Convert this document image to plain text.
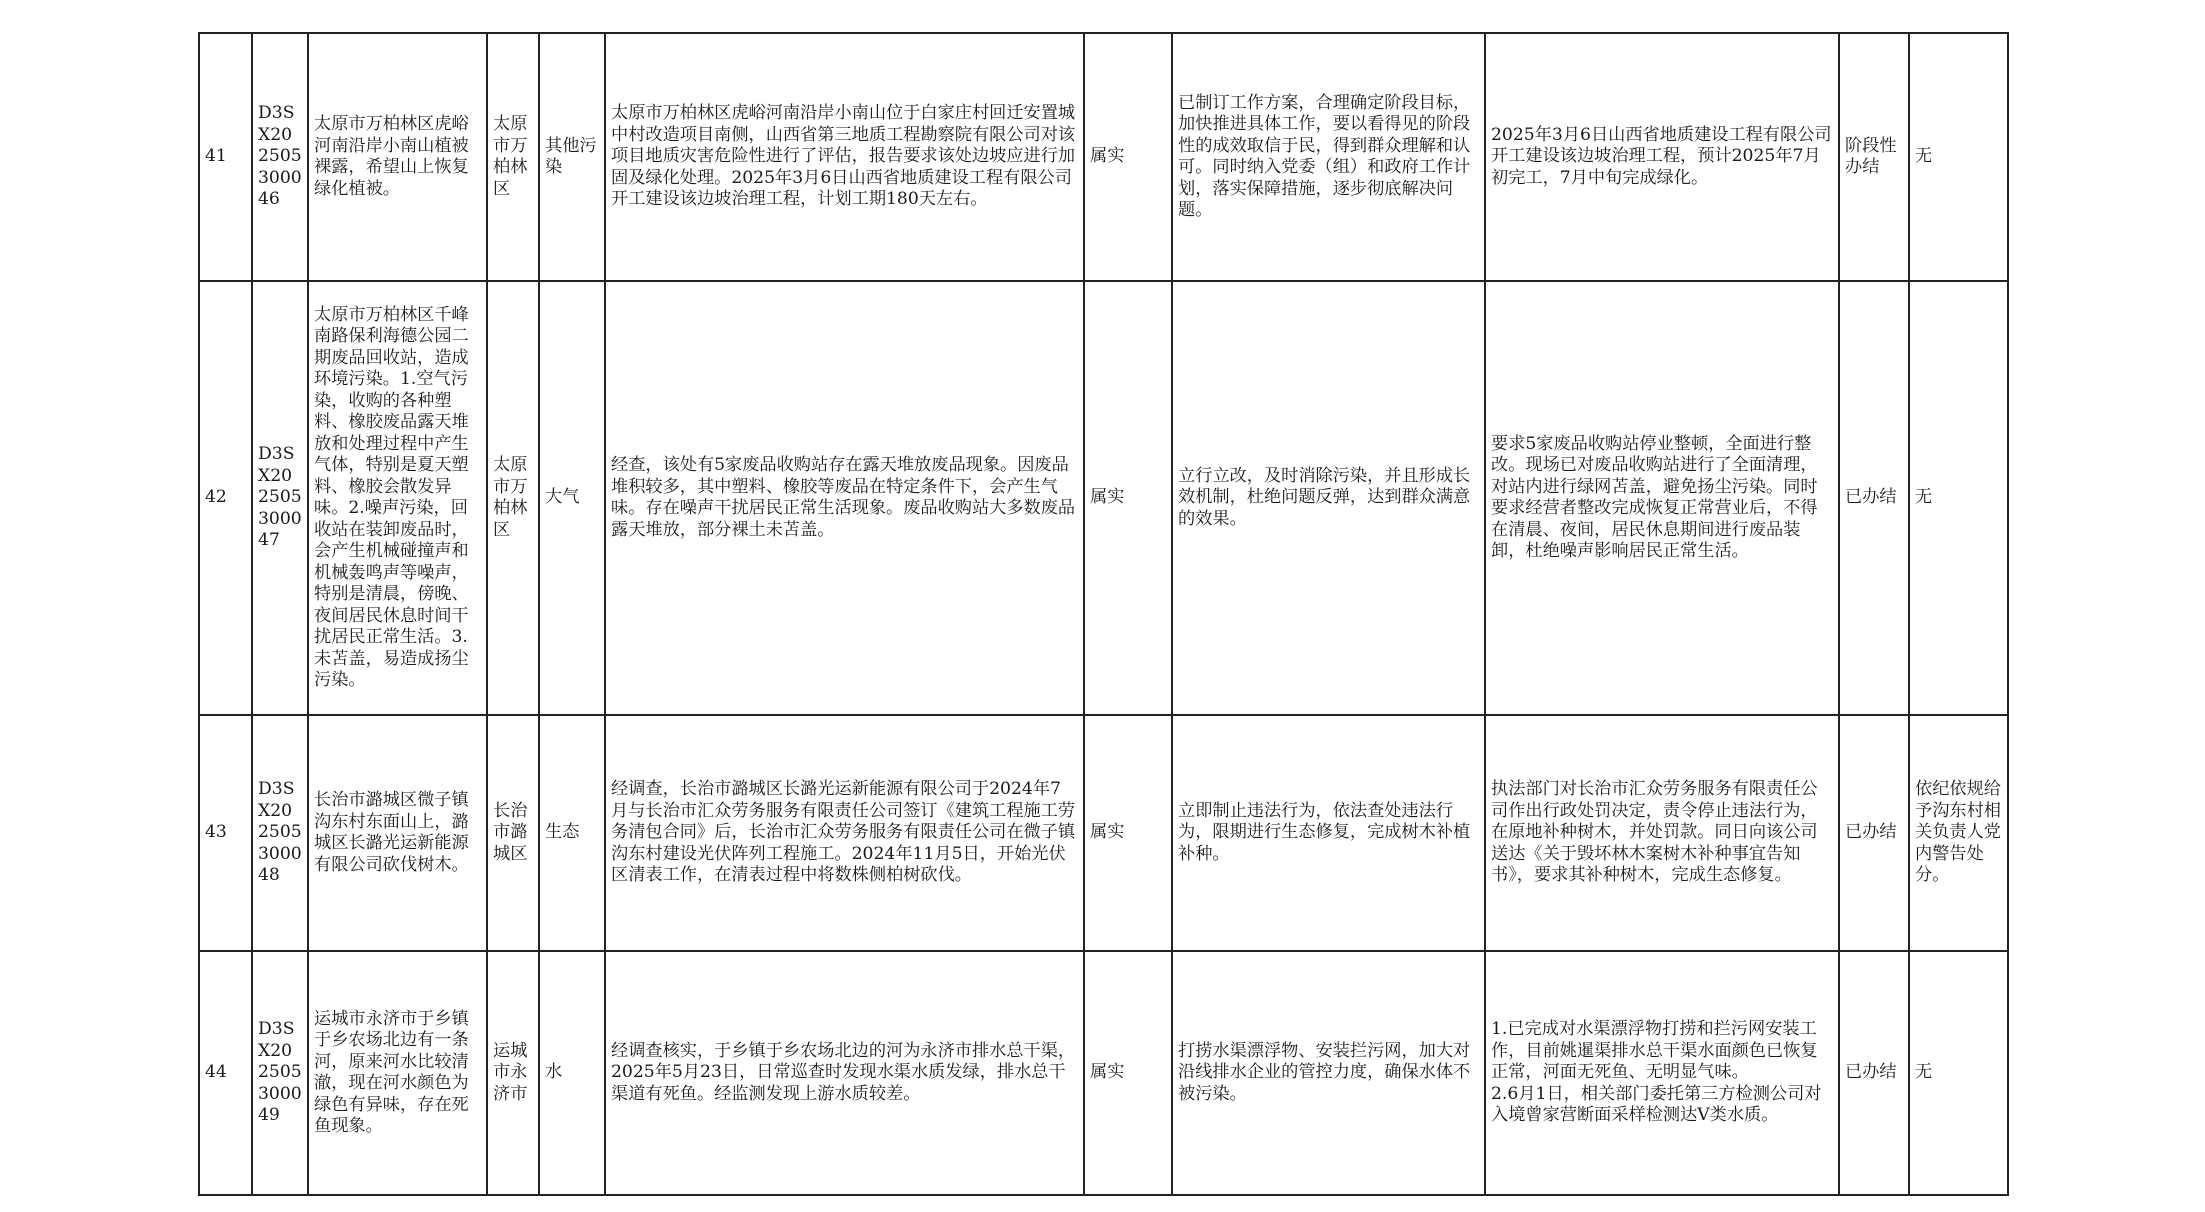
41	D3SX202505300046	太原市万柏林区虎峪河南沿岸小南山植被裸露，希望山上恢复绿化植被。	太原市万柏林区	其他污染	太原市万柏林区虎峪河南沿岸小南山位于白家庄村回迁安置城中村改造项目南侧，山西省第三地质工程勘察院有限公司对该项目地质灾害危险性进行了评估，报告要求该处边坡应进行加固及绿化处理。2025年3月6日山西省地质建设工程有限公司开工建设该边坡治理工程，计划工期180天左右。	属实	已制订工作方案，合理确定阶段目标，加快推进具体工作，要以看得见的阶段性的成效取信于民，得到群众理解和认可。同时纳入党委（组）和政府工作计划，落实保障措施，逐步彻底解决问题。	2025年3月6日山西省地质建设工程有限公司开工建设该边坡治理工程，预计2025年7月初完工，7月中旬完成绿化。	阶段性办结	无
42	D3SX202505300047	太原市万柏林区千峰南路保利海德公园二期废品回收站，造成环境污染。1.空气污染，收购的各种塑料、橡胶废品露天堆放和处理过程中产生气体，特别是夏天塑料、橡胶会散发异味。2.噪声污染，回收站在装卸废品时，会产生机械碰撞声和机械轰鸣声等噪声，特别是清晨，傍晚、夜间居民休息时间干扰居民正常生活。3.未苫盖，易造成扬尘污染。	太原市万柏林区	大气	经查，该处有5家废品收购站存在露天堆放废品现象。因废品堆积较多，其中塑料、橡胶等废品在特定条件下，会产生气味。存在噪声干扰居民正常生活现象。废品收购站大多数废品露天堆放，部分裸土未苫盖。	属实	立行立改，及时消除污染，并且形成长效机制，杜绝问题反弹，达到群众满意的效果。	要求5家废品收购站停业整顿，全面进行整改。现场已对废品收购站进行了全面清理，对站内进行绿网苫盖，避免扬尘污染。同时要求经营者整改完成恢复正常营业后，不得在清晨、夜间，居民休息期间进行废品装卸，杜绝噪声影响居民正常生活。	已办结	无
43	D3SX202505300048	长治市潞城区微子镇沟东村东面山上，潞城区长潞光运新能源有限公司砍伐树木。	长治市潞城区	生态	经调查，长治市潞城区长潞光运新能源有限公司于2024年7月与长治市汇众劳务服务有限责任公司签订《建筑工程施工劳务清包合同》后，长治市汇众劳务服务有限责任公司在微子镇沟东村建设光伏阵列工程施工。2024年11月5日，开始光伏区清表工作，在清表过程中将数株侧柏树砍伐。	属实	立即制止违法行为，依法查处违法行为，限期进行生态修复，完成树木补植补种。	执法部门对长治市汇众劳务服务有限责任公司作出行政处罚决定，责令停止违法行为，在原地补种树木，并处罚款。同日向该公司送达《关于毁坏林木案树木补种事宜告知书》，要求其补种树木，完成生态修复。	已办结	依纪依规给予沟东村相关负责人党内警告处分。
44	D3SX202505300049	运城市永济市于乡镇于乡农场北边有一条河，原来河水比较清澈，现在河水颜色为绿色有异味，存在死鱼现象。	运城市永济市	水	经调查核实，于乡镇于乡农场北边的河为永济市排水总干渠，2025年5月23日，日常巡查时发现水渠水质发绿，排水总干渠道有死鱼。经监测发现上游水质较差。	属实	打捞水渠漂浮物、安装拦污网，加大对沿线排水企业的管控力度，确保水体不被污染。	1.已完成对水渠漂浮物打捞和拦污网安装工作，目前姚暹渠排水总干渠水面颜色已恢复正常，河面无死鱼、无明显气味。
2.6月1日，相关部门委托第三方检测公司对入境曾家营断面采样检测达Ⅴ类水质。	已办结	无
